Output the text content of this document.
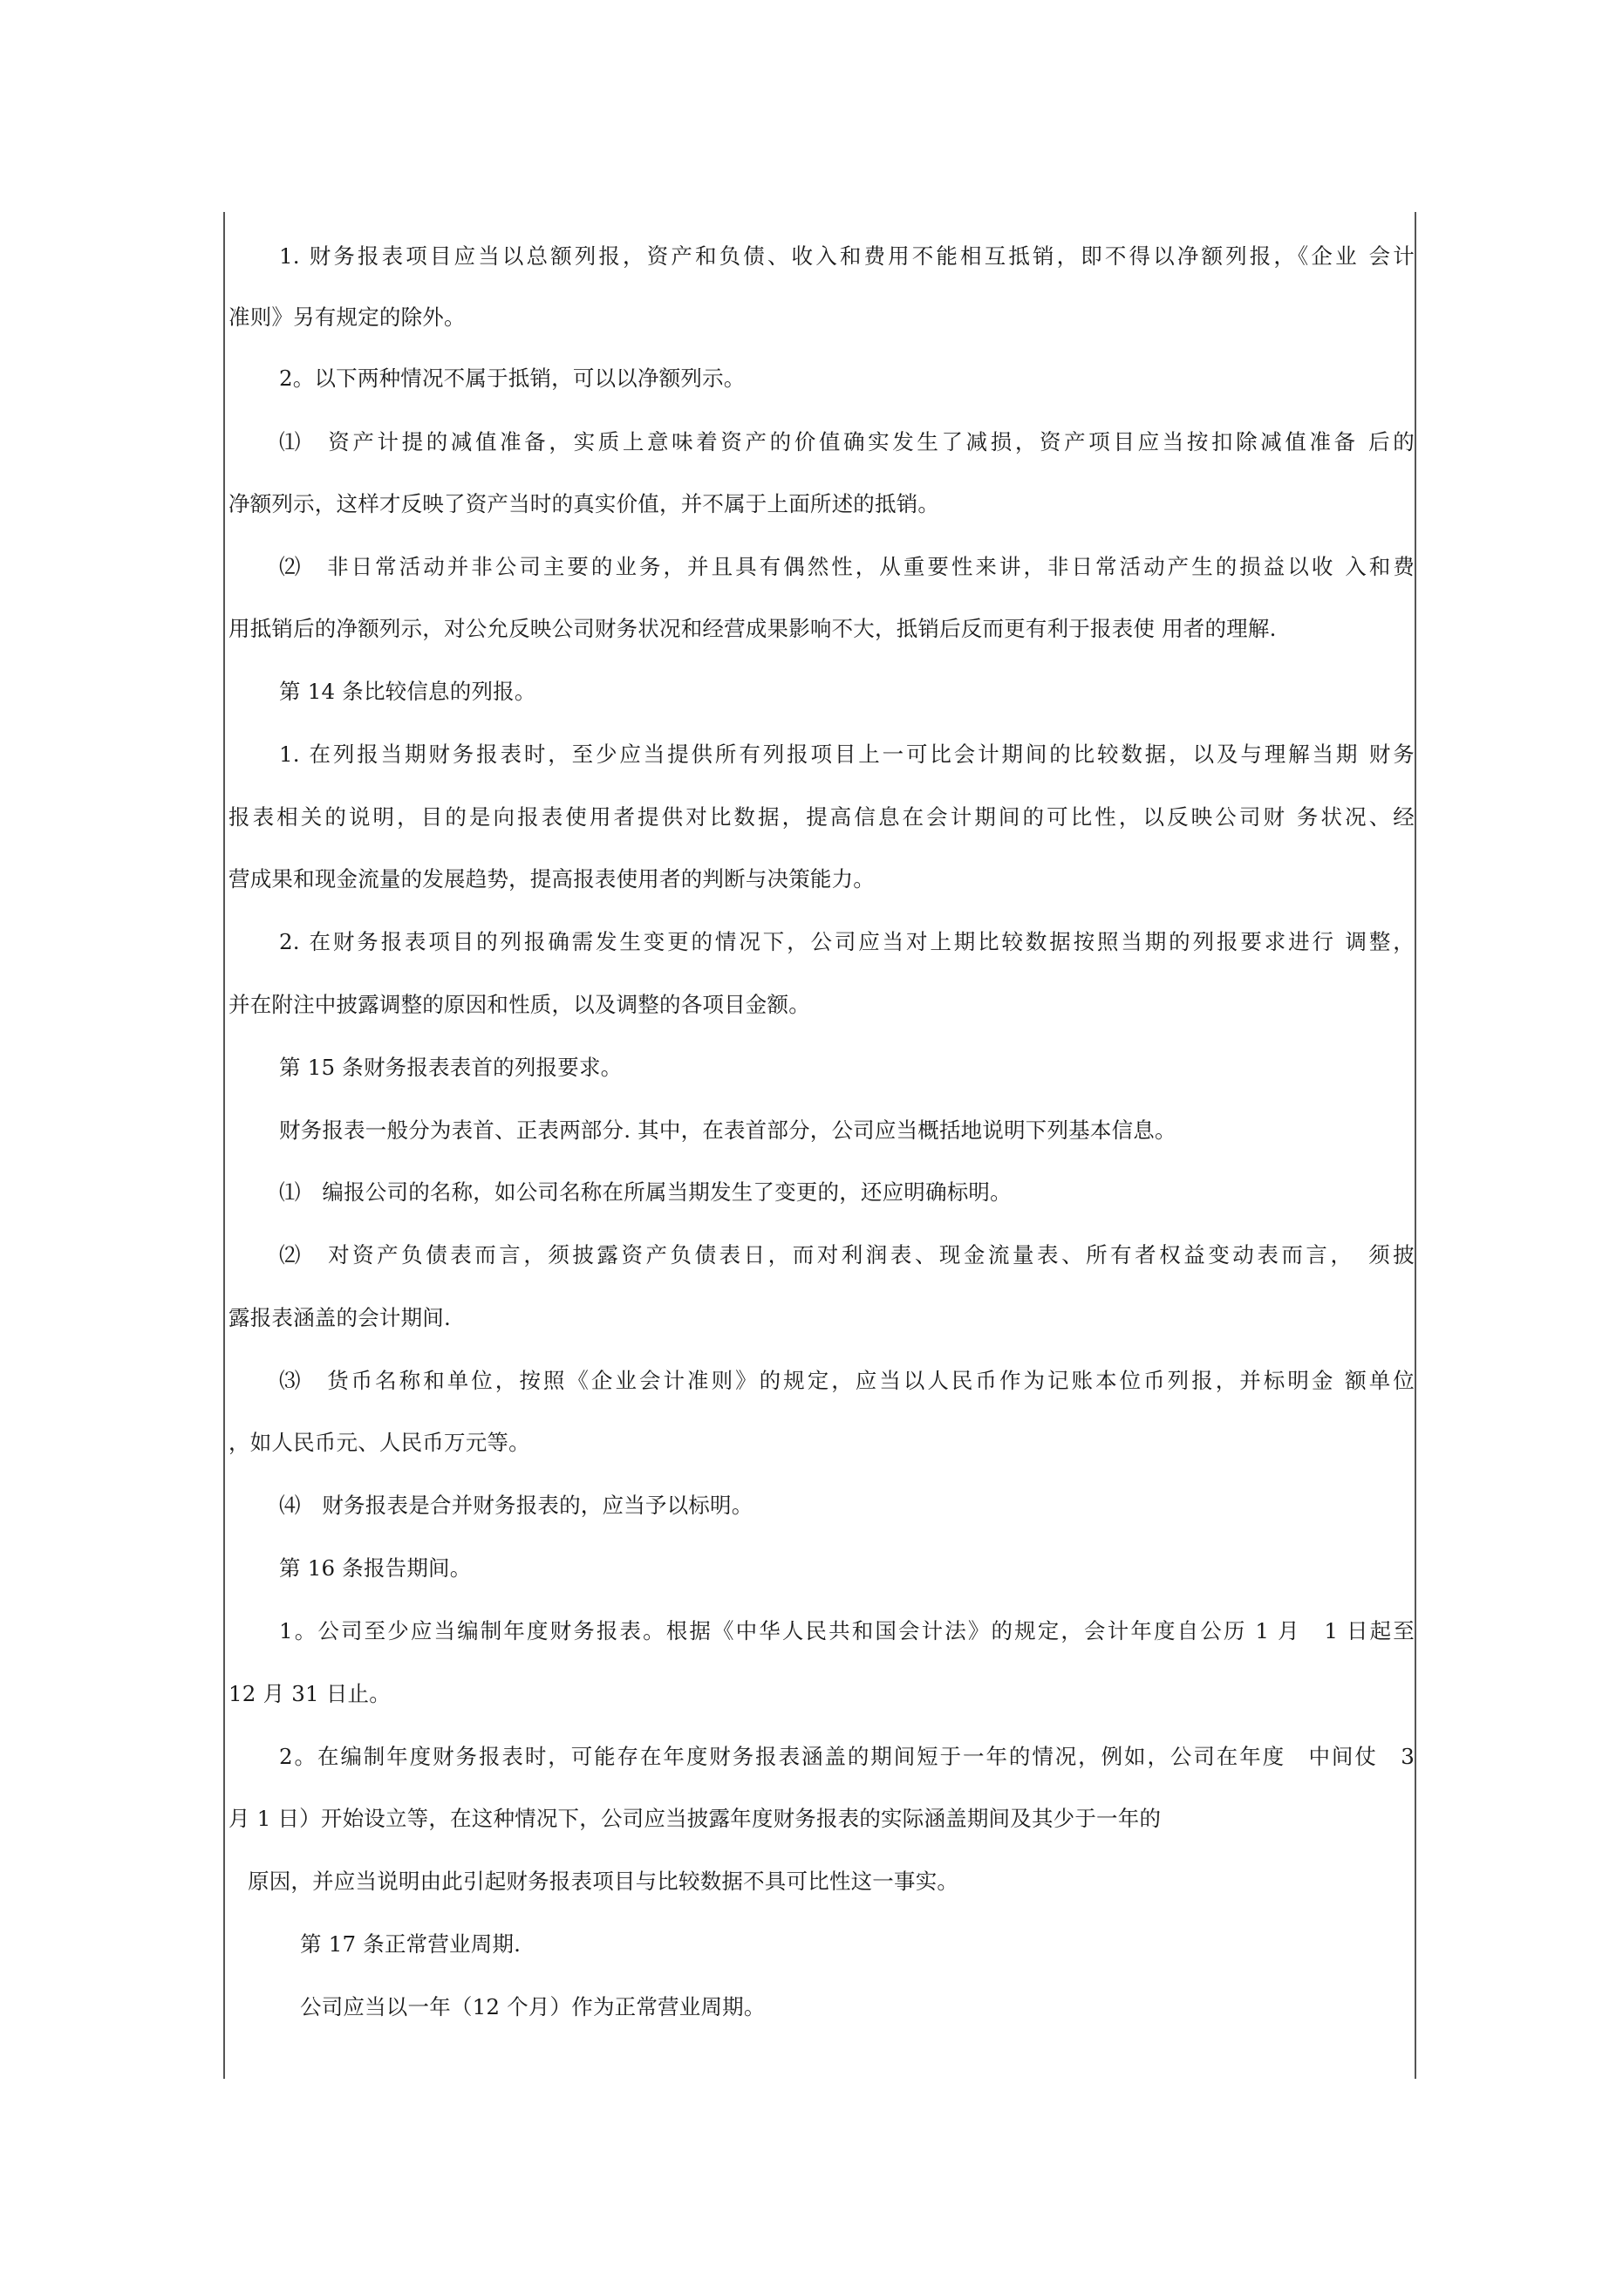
1. 财务报表项目应当以总额列报，资产和负债、收入和费用不能相互抵销，即不得以净额列报，《企业 会计
准则》另有规定的除外。
2。以下两种情况不属于抵销，可以以净额列示。
⑴　资产计提的减值准备，实质上意味着资产的价值确实发生了减损，资产项目应当按扣除减值准备 后的
净额列示，这样才反映了资产当时的真实价值，并不属于上面所述的抵销。
⑵　非日常活动并非公司主要的业务，并且具有偶然性，从重要性来讲，非日常活动产生的损益以收 入和费
用抵销后的净额列示，对公允反映公司财务状况和经营成果影响不大，抵销后反而更有利于报表使 用者的理解.
第 14 条比较信息的列报。
1. 在列报当期财务报表时，至少应当提供所有列报项目上一可比会计期间的比较数据，以及与理解当期 财务
报表相关的说明，目的是向报表使用者提供对比数据，提高信息在会计期间的可比性，以反映公司财 务状况、经
营成果和现金流量的发展趋势，提高报表使用者的判断与决策能力。
2. 在财务报表项目的列报确需发生变更的情况下，公司应当对上期比较数据按照当期的列报要求进行 调整，
并在附注中披露调整的原因和性质，以及调整的各项目金额。
第 15 条财务报表表首的列报要求。
财务报表一般分为表首、正表两部分. 其中，在表首部分，公司应当概括地说明下列基本信息。
⑴　编报公司的名称，如公司名称在所属当期发生了变更的，还应明确标明。
⑵　对资产负债表而言，须披露资产负债表日，而对利润表、现金流量表、所有者权益变动表而言，　须披
露报表涵盖的会计期间.
⑶　货币名称和单位，按照《企业会计准则》的规定，应当以人民币作为记账本位币列报，并标明金 额单位
，如人民币元、人民币万元等。
⑷　财务报表是合并财务报表的，应当予以标明。
第 16 条报告期间。
1。公司至少应当编制年度财务报表。根据《中华人民共和国会计法》的规定，会计年度自公历 1 月　1 日起至
12 月 31 日止。
2。在编制年度财务报表时，可能存在年度财务报表涵盖的期间短于一年的情况，例如，公司在年度　中间仗　3
月 1 日）开始设立等，在这种情况下，公司应当披露年度财务报表的实际涵盖期间及其少于一年的
原因，并应当说明由此引起财务报表项目与比较数据不具可比性这一事实。
第 17 条正常营业周期.
公司应当以一年（12 个月）作为正常营业周期。
